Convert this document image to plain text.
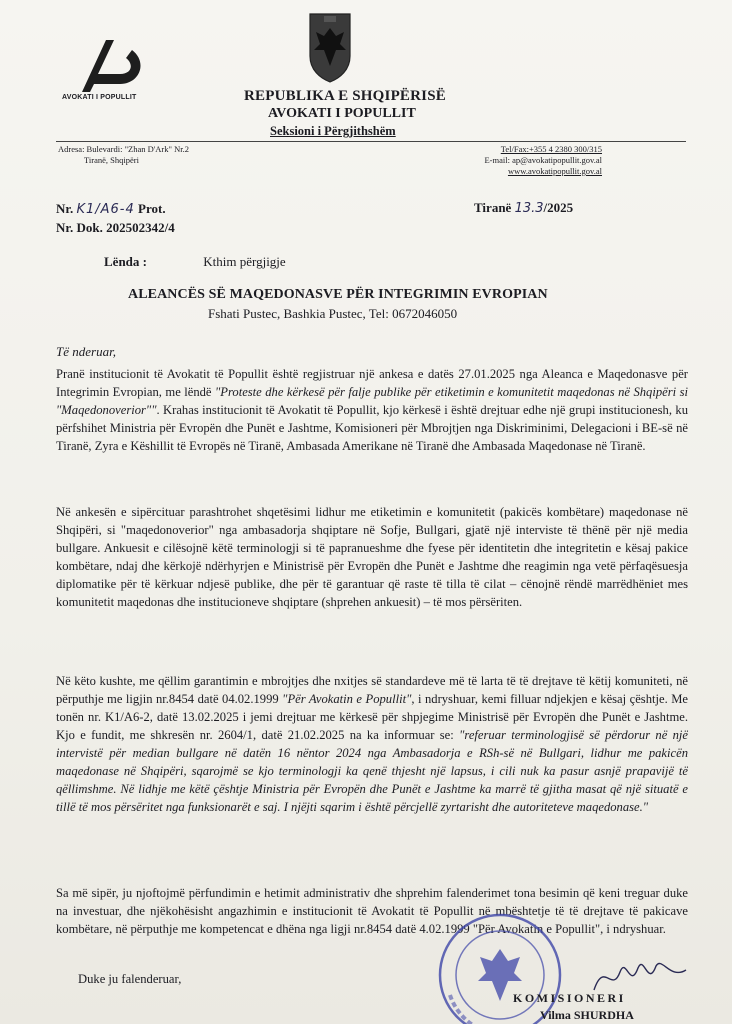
AVOKATI I POPULLIT	REPUBLIKA E SHQIPËRISË
AVOKATI I POPULLIT
Seksioni i Përgjithshëm
Adresa: Bulevardi: "Zhan D'Ark" Nr.2
Tiranë, Shqipëri
Tel/Fax:+355 4 2380 300/315
E-mail: ap@avokatipopullit.gov.al
www.avokatipopullit.gov.al
Nr. K1/A6-4 Prot.
Nr. Dok. 202502342/4
Tiranë 13.3/2025
Lënda :	Kthim përgjigje
ALEANCËS SË MAQEDONASVE PËR INTEGRIMIN EVROPIAN
Fshati Pustec, Bashkia Pustec, Tel: 0672046050
Të nderuar,
Pranë institucionit të Avokatit të Popullit është regjistruar një ankesa e datës 27.01.2025 nga Aleanca e Maqedonasve për Integrimin Evropian, me lëndë "Proteste dhe kërkesë për falje publike për etiketimin e komunitetit maqedonas në Shqipëri si "Maqedonoverior"". Krahas institucionit të Avokatit të Popullit, kjo kërkesë i është drejtuar edhe një grupi institucionesh, ku përfshihet Ministria për Evropën dhe Punët e Jashtme, Komisioneri për Mbrojtjen nga Diskriminimi, Delegacioni i BE-së në Tiranë, Zyra e Këshillit të Evropës në Tiranë, Ambasada Amerikane në Tiranë dhe Ambasada Maqedonase në Tiranë.
Në ankesën e sipërcituar parashtrohet shqetësimi lidhur me etiketimin e komunitetit (pakicës kombëtare) maqedonase në Shqipëri, si "maqedonoverior" nga ambasadorja shqiptare në Sofje, Bullgari, gjatë një interviste të thënë për një media bullgare. Ankuesit e cilësojnë këtë terminologji si të papranueshme dhe fyese për identitetin dhe integritetin e kësaj pakice kombëtare, ndaj dhe kërkojë ndërhyrjen e Ministrisë për Evropën dhe Punët e Jashtme dhe reagimin nga vetë përfaqësuesja diplomatike për të kërkuar ndjesë publike, dhe për të garantuar që raste të tilla të cilat – cënojnë rëndë marrëdhëniet mes komunitetit maqedonas dhe institucioneve shqiptare (shprehen ankuesit) – të mos përsëriten.
Në këto kushte, me qëllim garantimin e mbrojtjes dhe nxitjes së standardeve më të larta të të drejtave të këtij komuniteti, në përputhje me ligjin nr.8454 datë 04.02.1999 "Për Avokatin e Popullit", i ndryshuar, kemi filluar ndjekjen e kësaj çështje. Me tonën nr. K1/A6-2, datë 13.02.2025 i jemi drejtuar me kërkesë për shpjegime Ministrisë për Evropën dhe Punët e Jashtme. Kjo e fundit, me shkresën nr. 2604/1, datë 21.02.2025 na ka informuar se: "referuar terminologjisë së përdorur në një intervistë për median bullgare në datën 16 nëntor 2024 nga Ambasadorja e RSh-së në Bullgari, lidhur me pakicën maqedonase në Shqipëri, sqarojmë se kjo terminologji ka qenë thjesht një lapsus, i cili nuk ka pasur asnjë prapavijë të qëllimshme. Në lidhje me këtë çështje Ministria për Evropën dhe Punët e Jashtme ka marrë të gjitha masat që një situatë e tillë të mos përsëritet nga funksionarët e saj. I njëjti sqarim i është përcjellë zyrtarisht dhe autoriteteve maqedonase."
Sa më sipër, ju njoftojmë përfundimin e hetimit administrativ dhe shprehim falenderimet tona besimin që keni treguar duke na investuar, dhe njëkohësisht angazhimin e institucionit të Avokatit të Popullit në mbështetje të të drejtave të pakicave kombëtare, në përputhje me kompetencat e dhëna nga ligji nr.8454 datë 4.02.1999 "Për Avokatin e Popullit", i ndryshuar.
Duke ju falenderuar,
KOMISIONERI
Vilma SHURDHA
